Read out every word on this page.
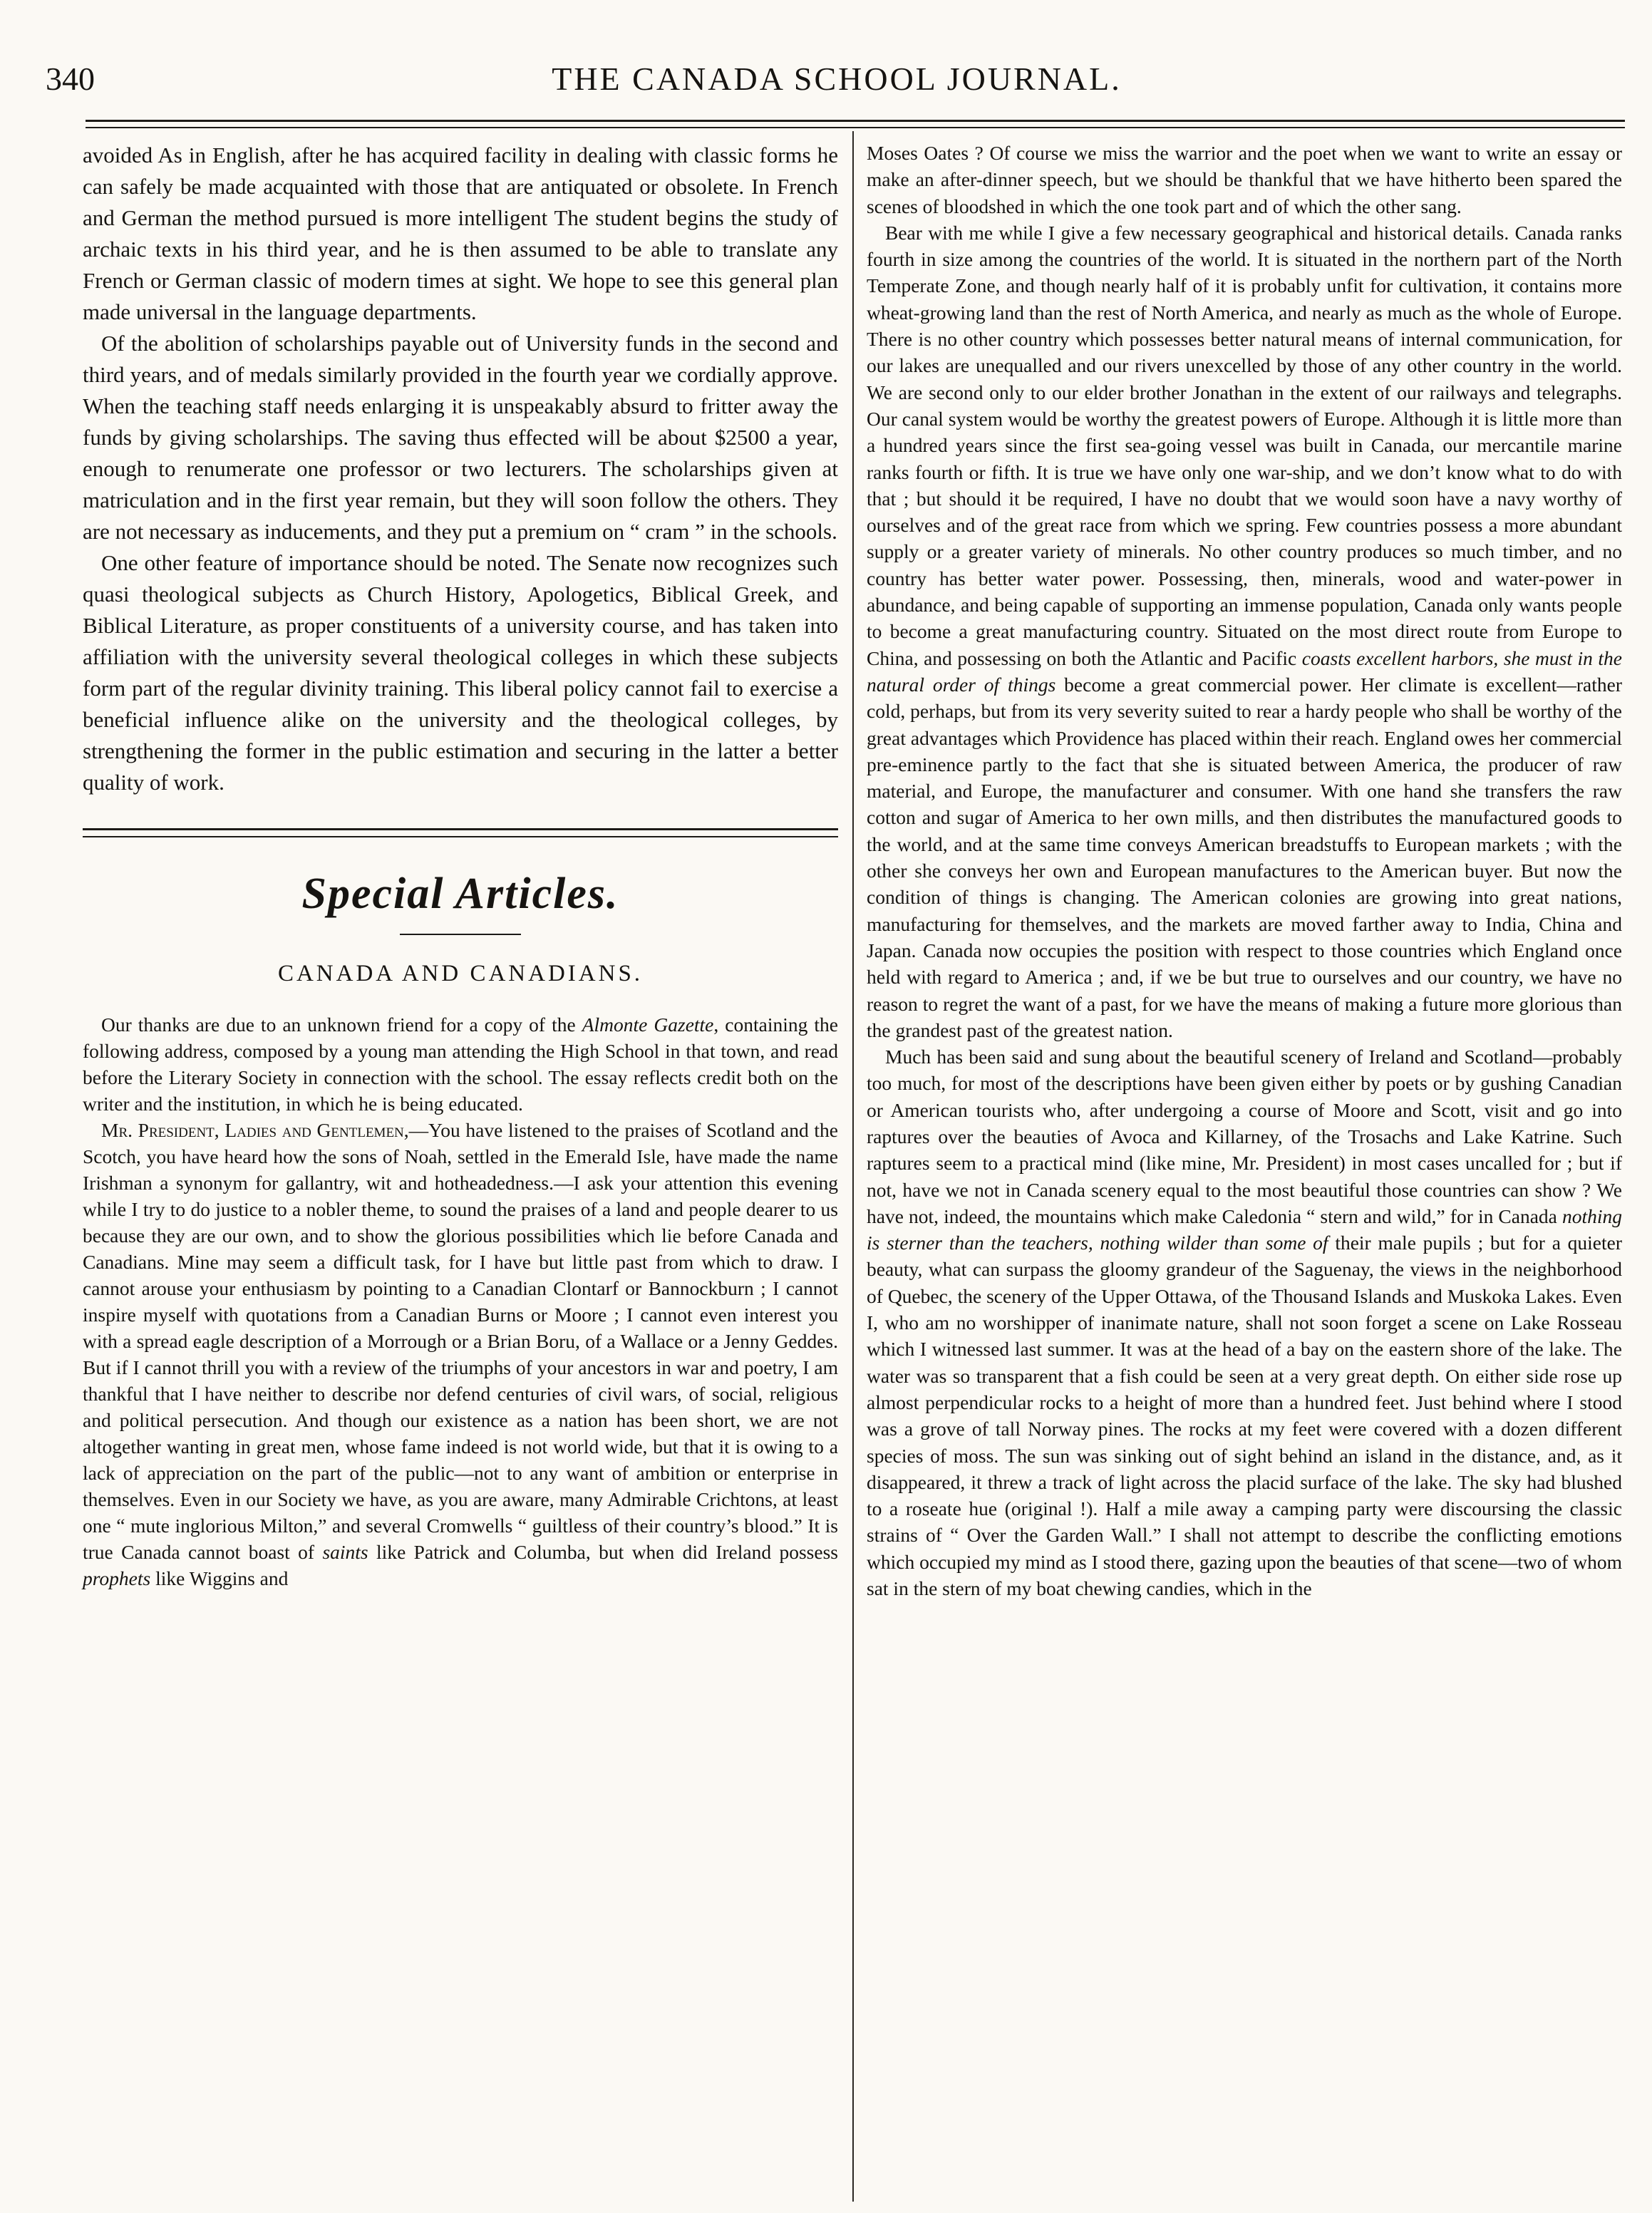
340	THE CANADA SCHOOL JOURNAL.

avoided As in English, after he has acquired facility in dealing with classic forms he can safely be made acquainted with those that are antiquated or obsolete. In French and German the method pursued is more intelligent The student begins the study of archaic texts in his third year, and he is then assumed to be able to translate any French or German classic of modern times at sight. We hope to see this general plan made universal in the language departments.

Of the abolition of scholarships payable out of University funds in the second and third years, and of medals similarly provided in the fourth year we cordially approve. When the teaching staff needs enlarging it is unspeakably absurd to fritter away the funds by giving scholarships. The saving thus effected will be about $2500 a year, enough to renumerate one professor or two lecturers. The scholarships given at matriculation and in the first year remain, but they will soon follow the others. They are not necessary as inducements, and they put a premium on “ cram ” in the schools.

One other feature of importance should be noted. The Senate now recognizes such quasi theological subjects as Church History, Apologetics, Biblical Greek, and Biblical Literature, as proper constituents of a university course, and has taken into affiliation with the university several theological colleges in which these subjects form part of the regular divinity training. This liberal policy cannot fail to exercise a beneficial influence alike on the university and the theological colleges, by strengthening the former in the public estimation and securing in the latter a better quality of work.

Special Articles.
CANADA AND CANADIANS.

Our thanks are due to an unknown friend for a copy of the Almonte Gazette, containing the following address, composed by a young man attending the High School in that town, and read before the Literary Society in connection with the school. The essay reflects credit both on the writer and the institution, in which he is being educated.

Mr. President, Ladies and Gentlemen,—You have listened to the praises of Scotland and the Scotch, you have heard how the sons of Noah, settled in the Emerald Isle, have made the name Irishman a synonym for gallantry, wit and hotheadedness.—I ask your attention this evening while I try to do justice to a nobler theme, to sound the praises of a land and people dearer to us because they are our own, and to show the glorious possibilities which lie before Canada and Canadians. Mine may seem a difficult task, for I have but little past from which to draw. I cannot arouse your enthusiasm by pointing to a Canadian Clontarf or Bannockburn ; I cannot inspire myself with quotations from a Canadian Burns or Moore ; I cannot even interest you with a spread eagle description of a Morrough or a Brian Boru, of a Wallace or a Jenny Geddes. But if I cannot thrill you with a review of the triumphs of your ancestors in war and poetry, I am thankful that I have neither to describe nor defend centuries of civil wars, of social, religious and political persecution. And though our existence as a nation has been short, we are not altogether wanting in great men, whose fame indeed is not world wide, but that it is owing to a lack of appreciation on the part of the public—not to any want of ambition or enterprise in themselves. Even in our Society we have, as you are aware, many Admirable Crichtons, at least one “ mute inglorious Milton,” and several Cromwells “ guiltless of their country’s blood.” It is true Canada cannot boast of saints like Patrick and Columba, but when did Ireland possess prophets like Wiggins and

Moses Oates ? Of course we miss the warrior and the poet when we want to write an essay or make an after-dinner speech, but we should be thankful that we have hitherto been spared the scenes of bloodshed in which the one took part and of which the other sang.

Bear with me while I give a few necessary geographical and historical details. Canada ranks fourth in size among the countries of the world. It is situated in the northern part of the North Temperate Zone, and though nearly half of it is probably unfit for cultivation, it contains more wheat-growing land than the rest of North America, and nearly as much as the whole of Europe. There is no other country which possesses better natural means of internal communication, for our lakes are unequalled and our rivers unexcelled by those of any other country in the world. We are second only to our elder brother Jonathan in the extent of our railways and telegraphs. Our canal system would be worthy the greatest powers of Europe. Although it is little more than a hundred years since the first sea-going vessel was built in Canada, our mercantile marine ranks fourth or fifth. It is true we have only one war-ship, and we don’t know what to do with that ; but should it be required, I have no doubt that we would soon have a navy worthy of ourselves and of the great race from which we spring. Few countries possess a more abundant supply or a greater variety of minerals. No other country produces so much timber, and no country has better water power. Possessing, then, minerals, wood and water-power in abundance, and being capable of supporting an immense population, Canada only wants people to become a great manufacturing country. Situated on the most direct route from Europe to China, and possessing on both the Atlantic and Pacific coasts excellent harbors, she must in the natural order of things become a great commercial power. Her climate is excellent—rather cold, perhaps, but from its very severity suited to rear a hardy people who shall be worthy of the great advantages which Providence has placed within their reach. England owes her commercial pre-eminence partly to the fact that she is situated between America, the producer of raw material, and Europe, the manufacturer and consumer. With one hand she transfers the raw cotton and sugar of America to her own mills, and then distributes the manufactured goods to the world, and at the same time conveys American breadstuffs to European markets ; with the other she conveys her own and European manufactures to the American buyer. But now the condition of things is changing. The American colonies are growing into great nations, manufacturing for themselves, and the markets are moved farther away to India, China and Japan. Canada now occupies the position with respect to those countries which England once held with regard to America ; and, if we be but true to ourselves and our country, we have no reason to regret the want of a past, for we have the means of making a future more glorious than the grandest past of the greatest nation.

Much has been said and sung about the beautiful scenery of Ireland and Scotland—probably too much, for most of the descriptions have been given either by poets or by gushing Canadian or American tourists who, after undergoing a course of Moore and Scott, visit and go into raptures over the beauties of Avoca and Killarney, of the Trosachs and Lake Katrine. Such raptures seem to a practical mind (like mine, Mr. President) in most cases uncalled for ; but if not, have we not in Canada scenery equal to the most beautiful those countries can show ? We have not, indeed, the mountains which make Caledonia “ stern and wild,” for in Canada nothing is sterner than the teachers, nothing wilder than some of their male pupils ; but for a quieter beauty, what can surpass the gloomy grandeur of the Saguenay, the views in the neighborhood of Quebec, the scenery of the Upper Ottawa, of the Thousand Islands and Muskoka Lakes. Even I, who am no worshipper of inanimate nature, shall not soon forget a scene on Lake Rosseau which I witnessed last summer. It was at the head of a bay on the eastern shore of the lake. The water was so transparent that a fish could be seen at a very great depth. On either side rose up almost perpendicular rocks to a height of more than a hundred feet. Just behind where I stood was a grove of tall Norway pines. The rocks at my feet were covered with a dozen different species of moss. The sun was sinking out of sight behind an island in the distance, and, as it disappeared, it threw a track of light across the placid surface of the lake. The sky had blushed to a roseate hue (original !). Half a mile away a camping party were discoursing the classic strains of “ Over the Garden Wall.” I shall not attempt to describe the conflicting emotions which occupied my mind as I stood there, gazing upon the beauties of that scene—two of whom sat in the stern of my boat chewing candies, which in the
